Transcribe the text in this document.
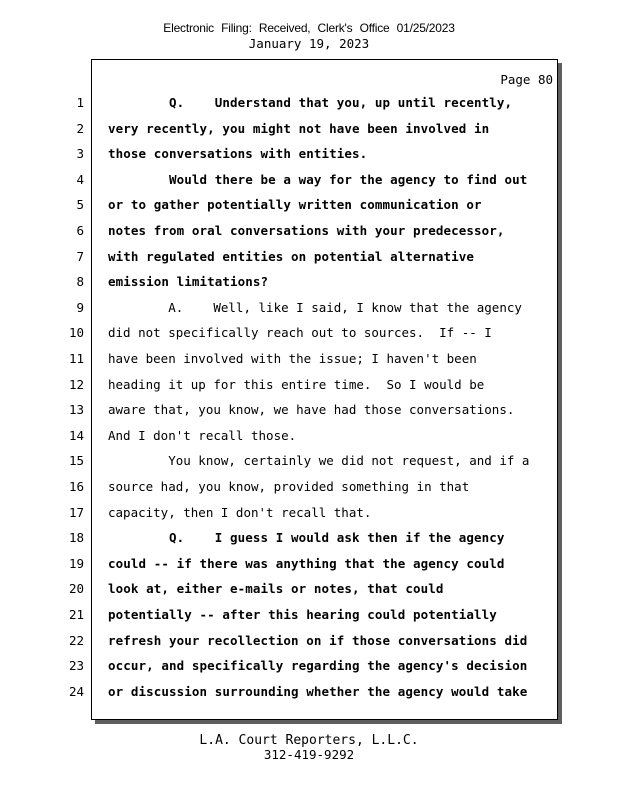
Electronic Filing: Received, Clerk's Office 01/25/2023
January 19, 2023
Page 80
1 Q.    Understand that you, up until recently,
2 very recently, you might not have been involved in
3 those conversations with entities.
4 Would there be a way for the agency to find out
5 or to gather potentially written communication or
6 notes from oral conversations with your predecessor,
7 with regulated entities on potential alternative
8 emission limitations?
9 A.    Well, like I said, I know that the agency
10 did not specifically reach out to sources.  If -- I
11 have been involved with the issue; I haven't been
12 heading it up for this entire time.  So I would be
13 aware that, you know, we have had those conversations.
14 And I don't recall those.
15 You know, certainly we did not request, and if a
16 source had, you know, provided something in that
17 capacity, then I don't recall that.
18 Q.    I guess I would ask then if the agency
19 could -- if there was anything that the agency could
20 look at, either e-mails or notes, that could
21 potentially -- after this hearing could potentially
22 refresh your recollection on if those conversations did
23 occur, and specifically regarding the agency's decision
24 or discussion surrounding whether the agency would take
L.A. Court Reporters, L.L.C.
312-419-9292
